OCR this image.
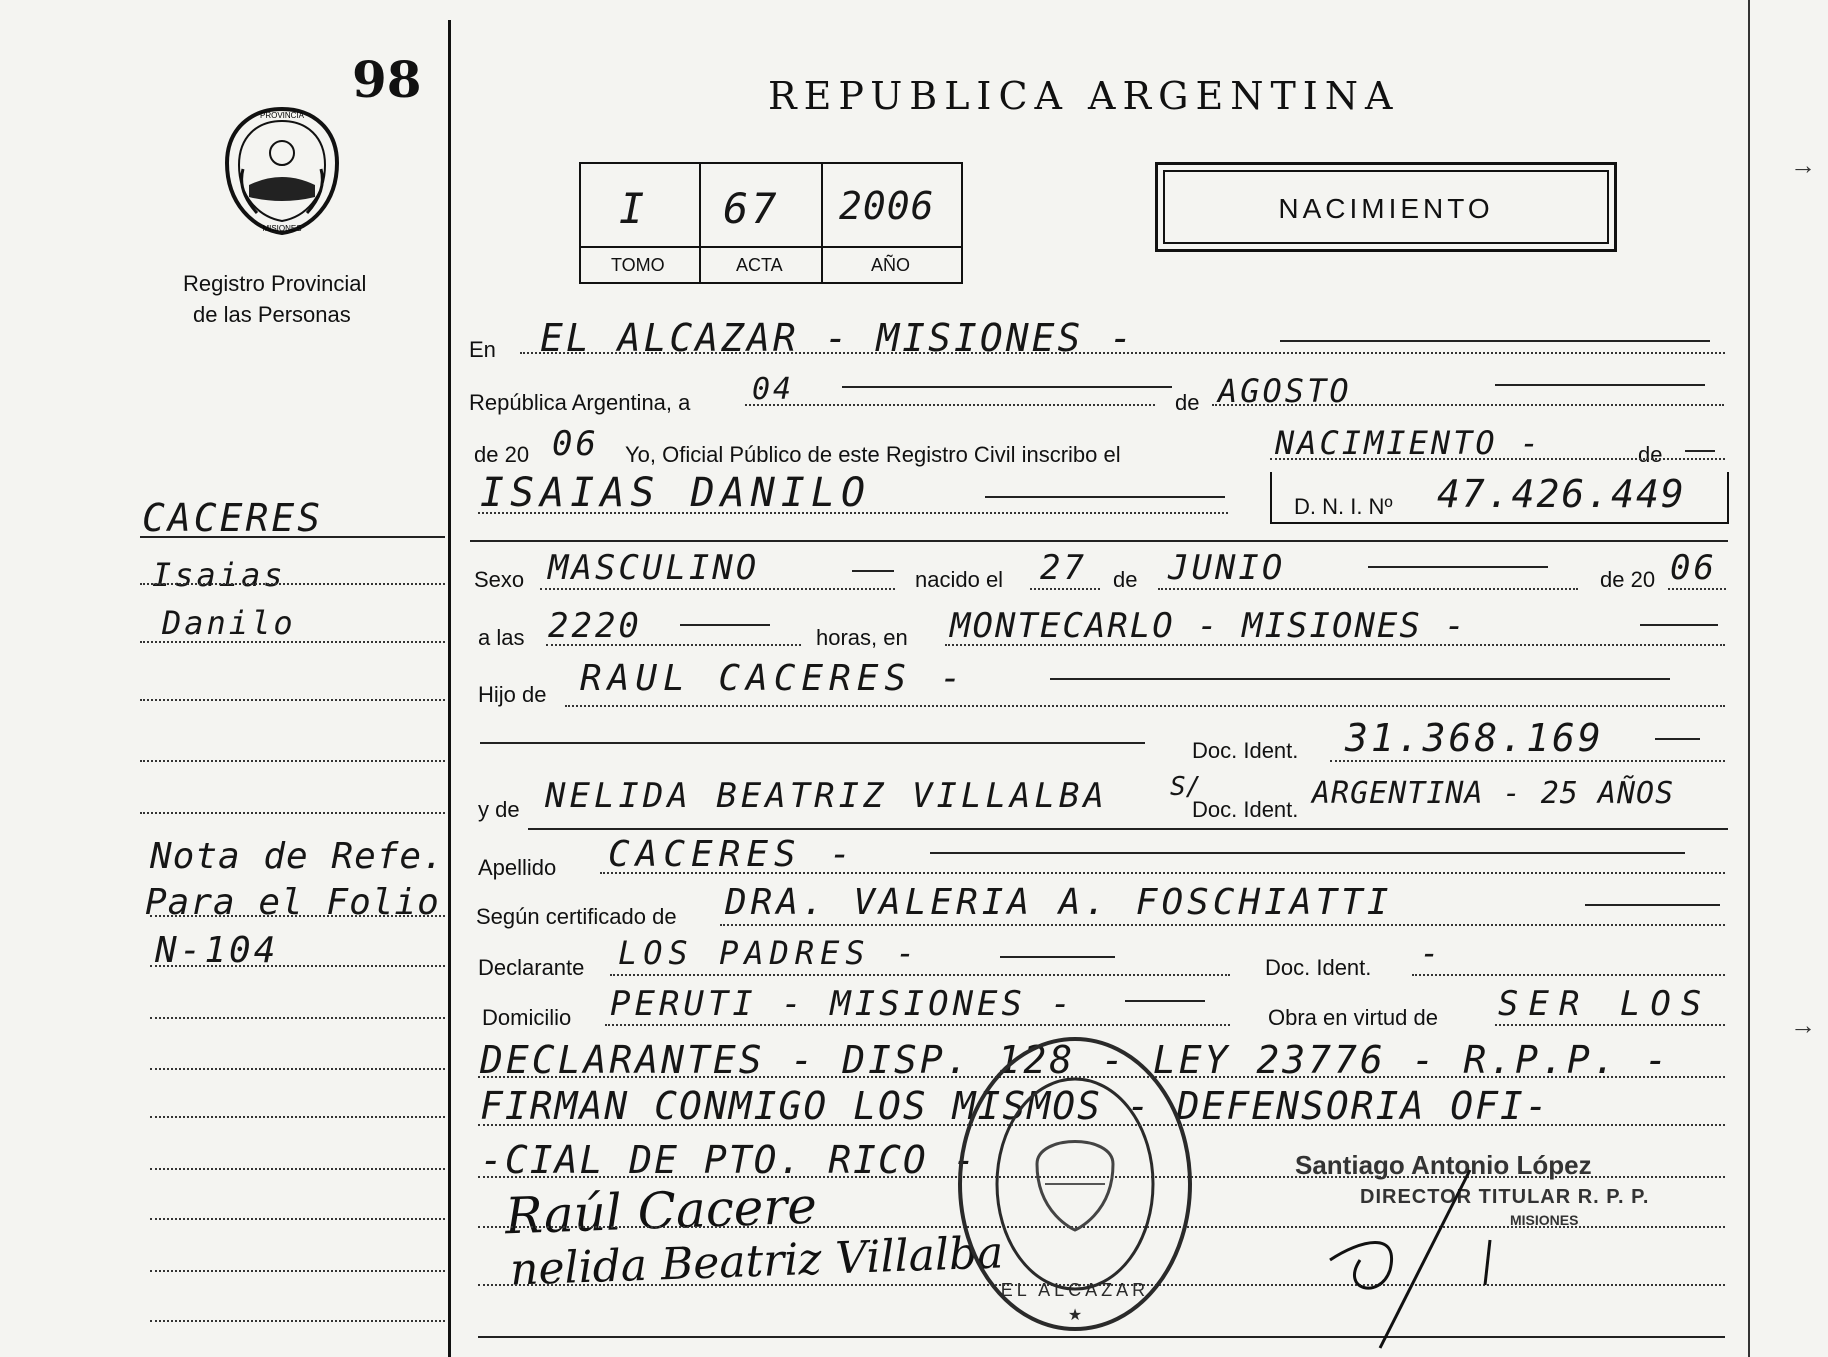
98
PROVINCIA
MISIONES
Registro Provincial
de las Personas
CACERES
Isaias
Danilo
Nota de Refe.
Para el Folio
N-104
REPUBLICA ARGENTINA
I 67 2006
TOMO	ACTA	AÑO
NACIMIENTO
En EL ALCAZAR - MISIONES -
República Argentina, a 04	de AGOSTO
de 20 06 Yo, Oficial Público de este Registro Civil inscribo el	NACIMIENTO -	de
ISAIAS DANILO	D. N. I. Nº 47.426.449
Sexo MASCULINO	nacido el 27 de JUNIO	de 20 06
a las 2220	horas, en MONTECARLO - MISIONES -
Hijo de RAUL CACERES -
Doc. Ident. 31.368.169
y de NELIDA BEATRIZ VILLALBA S/
Doc. Ident. ARGENTINA - 25 AÑOS
Apellido CACERES -
Según certificado de DRA. VALERIA A. FOSCHIATTI
Declarante LOS PADRES -	Doc. Ident. -
Domicilio PERUTI - MISIONES -	Obra en virtud de SER LOS
DECLARANTES - DISP. 128 - LEY 23776 - R.P.P. -
FIRMAN CONMIGO LOS MISMOS - DEFENSORIA OFI-
-CIAL DE PTO. RICO -
Raúl Cacere
nelida Beatriz Villalba
EL ALCAZAR
★
Santiago Antonio López
DIRECTOR TITULAR R. P. P.
MISIONES
→
→
